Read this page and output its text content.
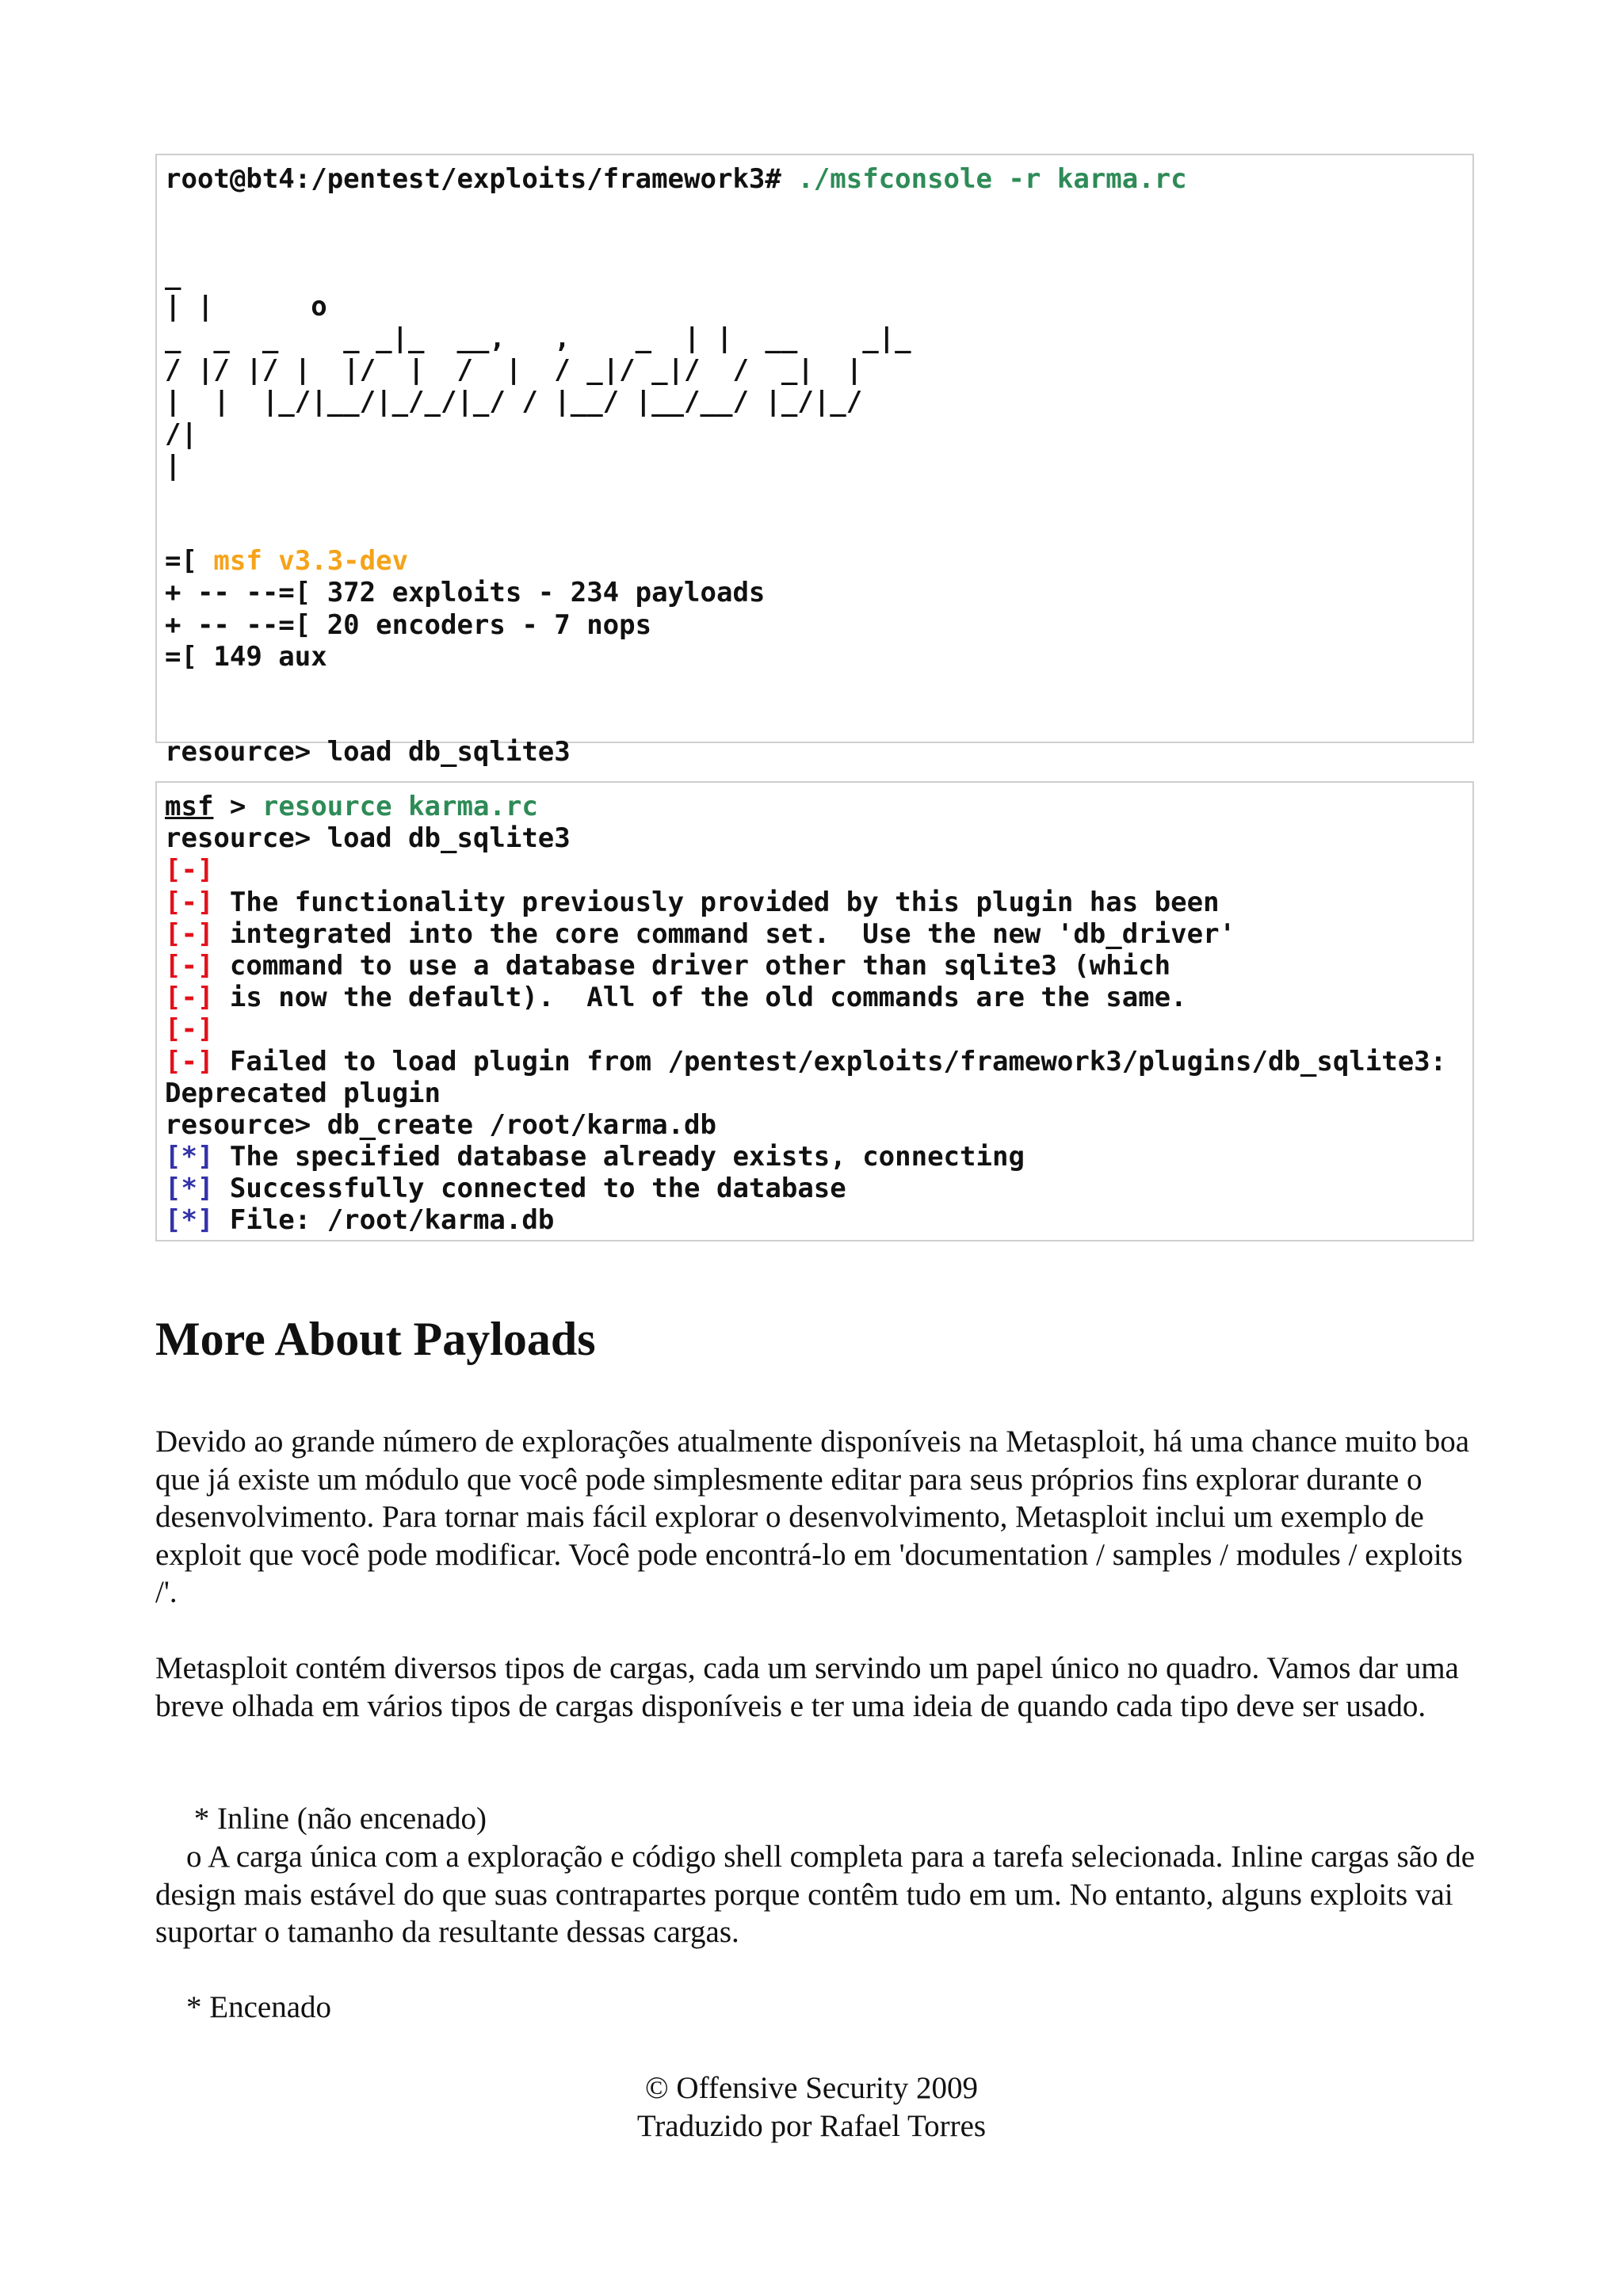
root@bt4:/pentest/exploits/framework3# ./msfconsole -r karma.rc
_
| |      o
_  _  _    _ _|_  __,   ,    _  | |  __    _|_
/ |/ |/ |  |/  |  /  |  / _|/ _|/  /  _|  |
|  |  |_/|__/|_/_/|_/ / |__/ |__/__/ |_/|_/
/|
|
=[ msf v3.3-dev
+ -- --=[ 372 exploits - 234 payloads
+ -- --=[ 20 encoders - 7 nops
=[ 149 aux
resource> load db_sqlite3
msf > resource karma.rc
resource> load db_sqlite3
[-]
[-] The functionality previously provided by this plugin has been
[-] integrated into the core command set.  Use the new 'db_driver'
[-] command to use a database driver other than sqlite3 (which
[-] is now the default).  All of the old commands are the same.
[-]
[-] Failed to load plugin from /pentest/exploits/framework3/plugins/db_sqlite3:
Deprecated plugin
resource> db_create /root/karma.db
[*] The specified database already exists, connecting
[*] Successfully connected to the database
[*] File: /root/karma.db
More About Payloads

Devido ao grande número de explorações atualmente disponíveis na Metasploit, há uma chance muito boa que já existe um módulo que você pode simplesmente editar para seus próprios fins explorar durante o desenvolvimento. Para tornar mais fácil explorar o desenvolvimento, Metasploit inclui um exemplo de exploit que você pode modificar. Você pode encontrá-lo em 'documentation / samples / modules / exploits /'.

Metasploit contém diversos tipos de cargas, cada um servindo um papel único no quadro. Vamos dar uma breve olhada em vários tipos de cargas disponíveis e ter uma ideia de quando cada tipo deve ser usado.

* Inline (não encenado)

o A carga única com a exploração e código shell completa para a tarefa selecionada. Inline cargas são de design mais estável do que suas contrapartes porque contêm tudo em um. No entanto, alguns exploits vai suportar o tamanho da resultante dessas cargas.

* Encenado

© Offensive Security 2009
Traduzido por Rafael Torres
